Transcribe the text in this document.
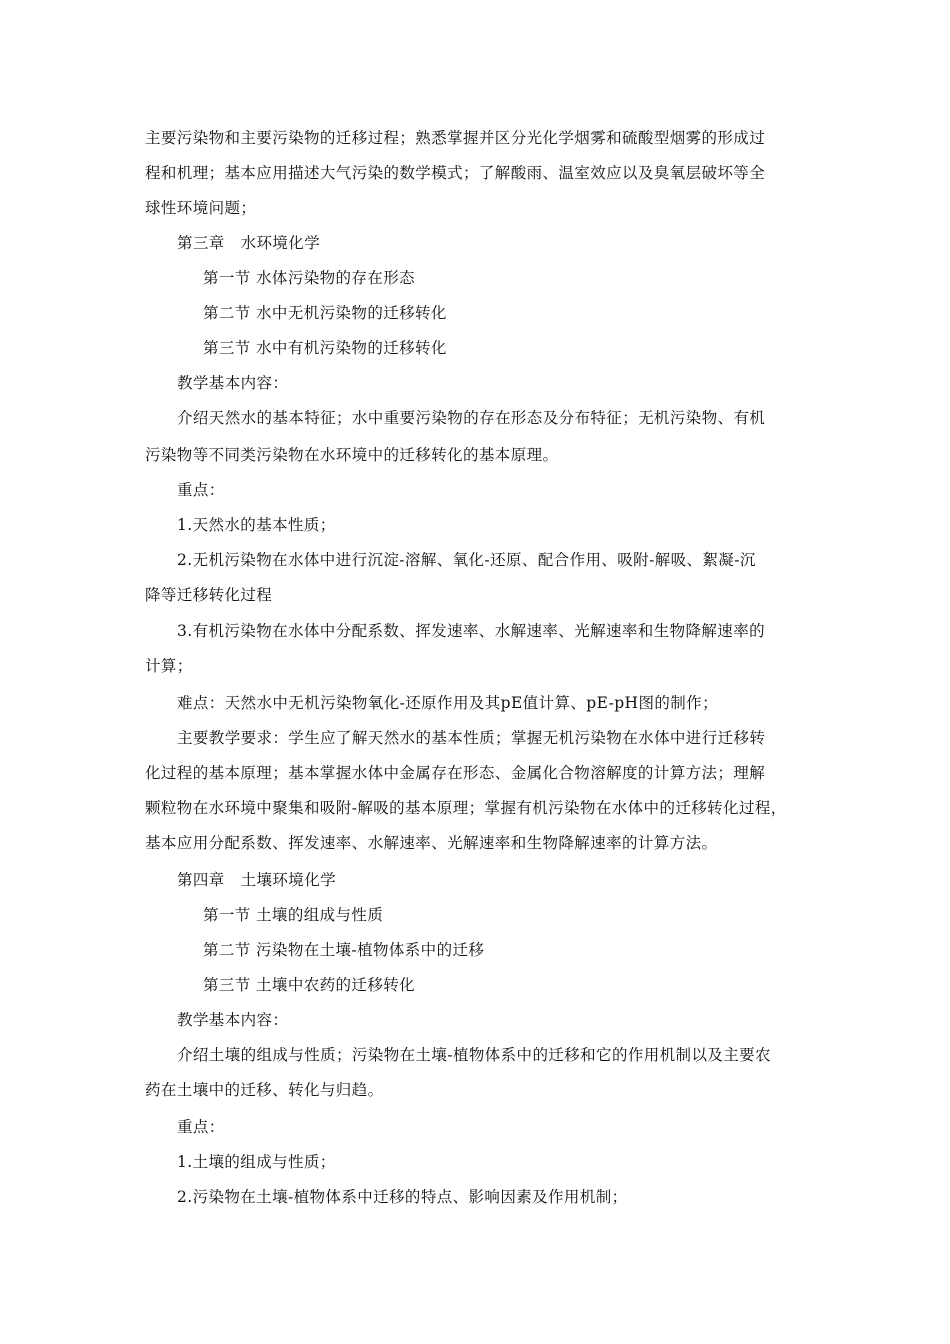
主要污染物和主要污染物的迁移过程；熟悉掌握并区分光化学烟雾和硫酸型烟雾的形成过
程和机理；基本应用描述大气污染的数学模式；了解酸雨、温室效应以及臭氧层破坏等全
球性环境问题；
第三章　水环境化学
第一节 水体污染物的存在形态
第二节 水中无机污染物的迁移转化
第三节 水中有机污染物的迁移转化
教学基本内容：
介绍天然水的基本特征；水中重要污染物的存在形态及分布特征；无机污染物、有机
污染物等不同类污染物在水环境中的迁移转化的基本原理。
重点：
1.天然水的基本性质；
2.无机污染物在水体中进行沉淀-溶解、氧化-还原、配合作用、吸附-解吸、絮凝-沉
降等迁移转化过程
3.有机污染物在水体中分配系数、挥发速率、水解速率、光解速率和生物降解速率的
计算；
难点：天然水中无机污染物氧化-还原作用及其pE值计算、pE-pH图的制作；
主要教学要求：学生应了解天然水的基本性质；掌握无机污染物在水体中进行迁移转
化过程的基本原理；基本掌握水体中金属存在形态、金属化合物溶解度的计算方法；理解
颗粒物在水环境中聚集和吸附-解吸的基本原理；掌握有机污染物在水体中的迁移转化过程，
基本应用分配系数、挥发速率、水解速率、光解速率和生物降解速率的计算方法。
第四章　土壤环境化学
第一节 土壤的组成与性质
第二节 污染物在土壤-植物体系中的迁移
第三节 土壤中农药的迁移转化
教学基本内容：
介绍土壤的组成与性质；污染物在土壤-植物体系中的迁移和它的作用机制以及主要农
药在土壤中的迁移、转化与归趋。
重点：
1.土壤的组成与性质；
2.污染物在土壤-植物体系中迁移的特点、影响因素及作用机制；
